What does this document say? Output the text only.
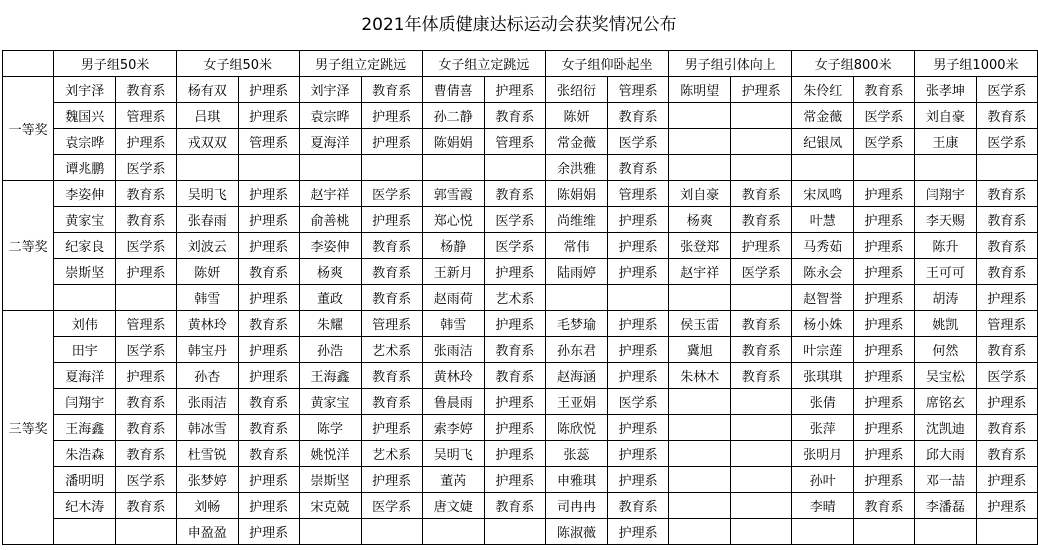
2021年体质健康达标运动会获奖情况公布
	男子组50米		女子组50米		男子组立定跳远		女子组立定跳远		女子组仰卧起坐		男子组引体向上		女子组800米		男子组1000米	
一等奖	刘宇泽	教育系	杨有双	护理系	刘宇泽	教育系	曹倩喜	护理系	张绍衍	管理系	陈明望	护理系	朱伶红	教育系	张孝坤	医学系
	魏国兴	管理系	吕琪	护理系	袁宗晔	护理系	孙二静	教育系	陈妍	教育系			常金薇	医学系	刘自豪	教育系
	袁宗晔	护理系	戎双双	管理系	夏海洋	护理系	陈娟娟	管理系	常金薇	医学系			纪银凤	医学系	王康	医学系
	谭兆鹏	医学系							余洪雅	教育系						
二等奖	李姿伸	教育系	吴明飞	护理系	赵宇祥	医学系	郭雪霞	教育系	陈娟娟	管理系	刘自豪	教育系	宋凤鸣	护理系	闫翔宇	教育系
	黄家宝	教育系	张春雨	护理系	俞善桃	护理系	郑心悦	医学系	尚维维	护理系	杨爽	教育系	叶慧	护理系	李天赐	教育系
	纪家良	医学系	刘波云	护理系	李姿伸	教育系	杨静	医学系	常伟	护理系	张登郑	护理系	马秀茹	护理系	陈升	教育系
	崇斯坚	护理系	陈妍	教育系	杨爽	教育系	王新月	护理系	陆雨婷	护理系	赵宇祥	医学系	陈永会	护理系	王可可	教育系
			韩雪	护理系	董政	教育系	赵雨荷	艺术系					赵智誉	护理系	胡涛	护理系
三等奖	刘伟	管理系	黄林玲	教育系	朱耀	管理系	韩雪	护理系	毛梦瑜	护理系	侯玉雷	教育系	杨小姝	护理系	姚凯	管理系
	田宇	医学系	韩宝丹	护理系	孙浩	艺术系	张雨洁	教育系	孙东君	护理系	冀旭	教育系	叶宗莲	护理系	何然	教育系
	夏海洋	护理系	孙杏	护理系	王海鑫	教育系	黄林玲	教育系	赵海涵	护理系	朱林木	教育系	张琪琪	护理系	吴宝松	医学系
	闫翔宇	教育系	张雨洁	教育系	黄家宝	教育系	鲁晨雨	护理系	王亚娟	医学系			张倩	护理系	席铭玄	护理系
	王海鑫	教育系	韩冰雪	教育系	陈学	护理系	索李婷	护理系	陈欣悦	护理系			张萍	护理系	沈凯迪	教育系
	朱浩森	教育系	杜雪锐	教育系	姚悦洋	艺术系	吴明飞	护理系	张蕊	护理系			张明月	护理系	邱大雨	教育系
	潘明明	医学系	张梦婷	护理系	崇斯坚	护理系	董芮	护理系	申雅琪	护理系			孙叶	护理系	邓一喆	护理系
	纪木涛	教育系	刘畅	护理系	宋克兢	医学系	唐文婕	教育系	司冉冉	教育系			李晴	教育系	李潘磊	护理系
			申盈盈	护理系					陈淑薇	护理系						
